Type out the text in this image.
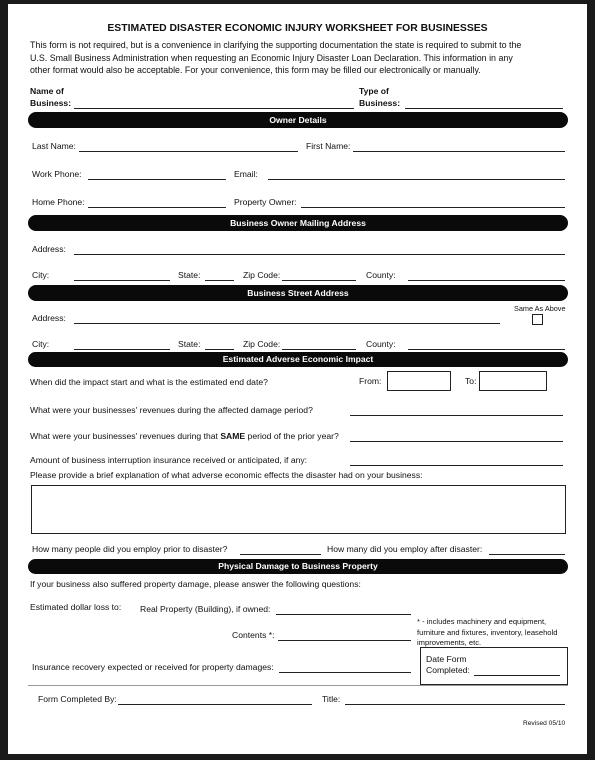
ESTIMATED DISASTER ECONOMIC INJURY WORKSHEET FOR BUSINESSES
This form is not required, but is a convenience in clarifying the supporting documentation the state is required to submit to the
U.S. Small Business Administration when requesting an Economic Injury Disaster Loan Declaration. This information in any
other format would also be acceptable. For your convenience, this form may be filled our electronically or manually.
Name of
Business:
Type of
Business:
Owner Details
Last Name:	First Name:
Work Phone:	Email:
Home Phone:	Property Owner:
Business Owner Mailing Address
Address:
City:	State:	Zip Code:	County:
Business Street Address
Address:
Same As Above
City:	State:	Zip Code:	County:
Estimated Adverse Economic Impact
When did the impact start and what is the estimated end date?	From:	To:
What were your businesses' revenues during the affected damage period?
What were your businesses' revenues during that SAME period of the prior year?
Amount of business interruption insurance received or anticipated, if any:
Please provide a brief explanation of what adverse economic effects the disaster had on your business:
How many people did you employ prior to disaster?	How many did you employ after disaster:
Physical Damage to Business Property
If your business also suffered property damage, please answer the following questions:
Estimated dollar loss to: Real Property (Building), if owned:
Contents *:
* - includes machinery and equipment,
furniture and fixtures, inventory, leasehold
improvements, etc.
Insurance recovery expected or received for property damages:
Date Form
Completed:
Form Completed By:	Title:
Revised 05/10
